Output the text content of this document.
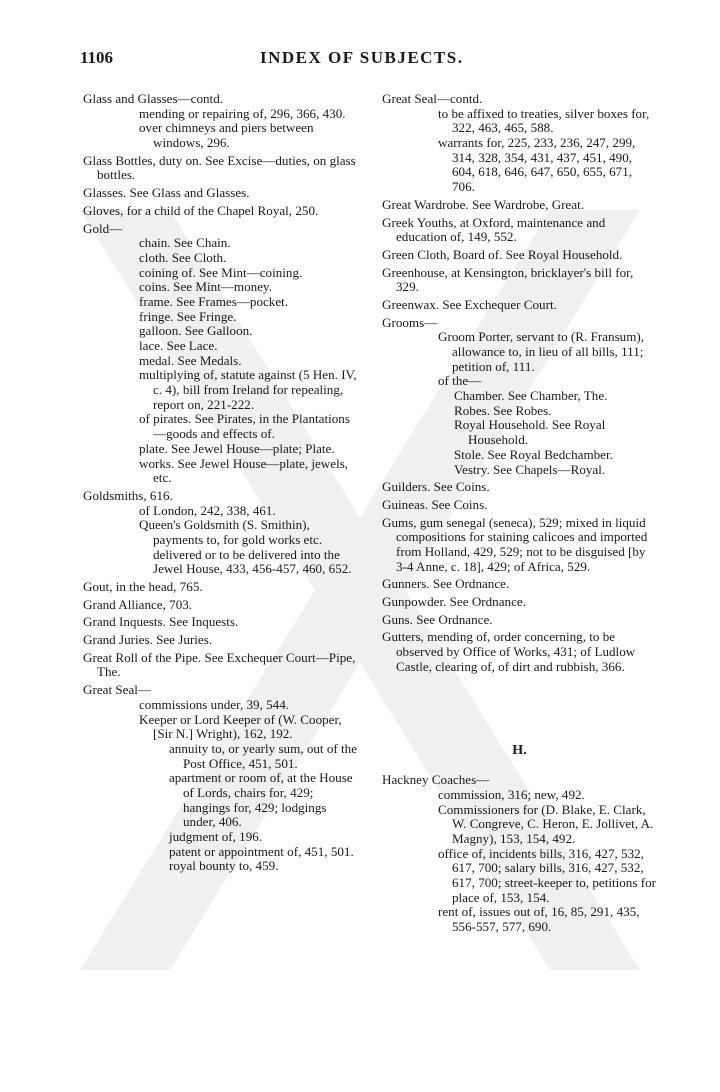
1106	INDEX OF SUBJECTS.

Glass and Glasses—contd.

mending or repairing of, 296, 366, 430.

over chimneys and piers between windows, 296.

Glass Bottles, duty on. See Excise—duties, on glass bottles.

Glasses. See Glass and Glasses.

Gloves, for a child of the Chapel Royal, 250.

Gold—

chain. See Chain.

cloth. See Cloth.

coining of. See Mint—coining.

coins. See Mint—money.

frame. See Frames—pocket.

fringe. See Fringe.

galloon. See Galloon.

lace. See Lace.

medal. See Medals.

multiplying of, statute against (5 Hen. IV, c. 4), bill from Ireland for repealing, report on, 221-222.

of pirates. See Pirates, in the Plantations—goods and effects of.

plate. See Jewel House—plate; Plate.

works. See Jewel House—plate, jewels, etc.

Goldsmiths, 616.

of London, 242, 338, 461.

Queen's Goldsmith (S. Smithin), payments to, for gold works etc. delivered or to be delivered into the Jewel House, 433, 456-457, 460, 652.

Gout, in the head, 765.

Grand Alliance, 703.

Grand Inquests. See Inquests.

Grand Juries. See Juries.

Great Roll of the Pipe. See Exchequer Court—Pipe, The.

Great Seal—

commissions under, 39, 544.

Keeper or Lord Keeper of (W. Cooper, [Sir N.] Wright), 162, 192.

annuity to, or yearly sum, out of the Post Office, 451, 501.

apartment or room of, at the House of Lords, chairs for, 429; hangings for, 429; lodgings under, 406.

judgment of, 196.

patent or appointment of, 451, 501.

royal bounty to, 459.

Great Seal—contd.

to be affixed to treaties, silver boxes for, 322, 463, 465, 588.

warrants for, 225, 233, 236, 247, 299, 314, 328, 354, 431, 437, 451, 490, 604, 618, 646, 647, 650, 655, 671, 706.

Great Wardrobe. See Wardrobe, Great.

Greek Youths, at Oxford, maintenance and education of, 149, 552.

Green Cloth, Board of. See Royal Household.

Greenhouse, at Kensington, bricklayer's bill for, 329.

Greenwax. See Exchequer Court.

Grooms—

Groom Porter, servant to (R. Fransum), allowance to, in lieu of all bills, 111; petition of, 111.

of the—

Chamber. See Chamber, The.

Robes. See Robes.

Royal Household. See Royal Household.

Stole. See Royal Bedchamber.

Vestry. See Chapels—Royal.

Guilders. See Coins.

Guineas. See Coins.

Gums, gum senegal (seneca), 529; mixed in liquid compositions for staining calicoes and imported from Holland, 429, 529; not to be disguised [by 3-4 Anne, c. 18], 429; of Africa, 529.

Gunners. See Ordnance.

Gunpowder. See Ordnance.

Guns. See Ordnance.

Gutters, mending of, order concerning, to be observed by Office of Works, 431; of Ludlow Castle, clearing of, of dirt and rubbish, 366.

H.

Hackney Coaches—

commission, 316; new, 492.

Commissioners for (D. Blake, E. Clark, W. Congreve, C. Heron, E. Jollivet, A. Magny), 153, 154, 492.

office of, incidents bills, 316, 427, 532, 617, 700; salary bills, 316, 427, 532, 617, 700; street-keeper to, petitions for place of, 153, 154.

rent of, issues out of, 16, 85, 291, 435, 556-557, 577, 690.
